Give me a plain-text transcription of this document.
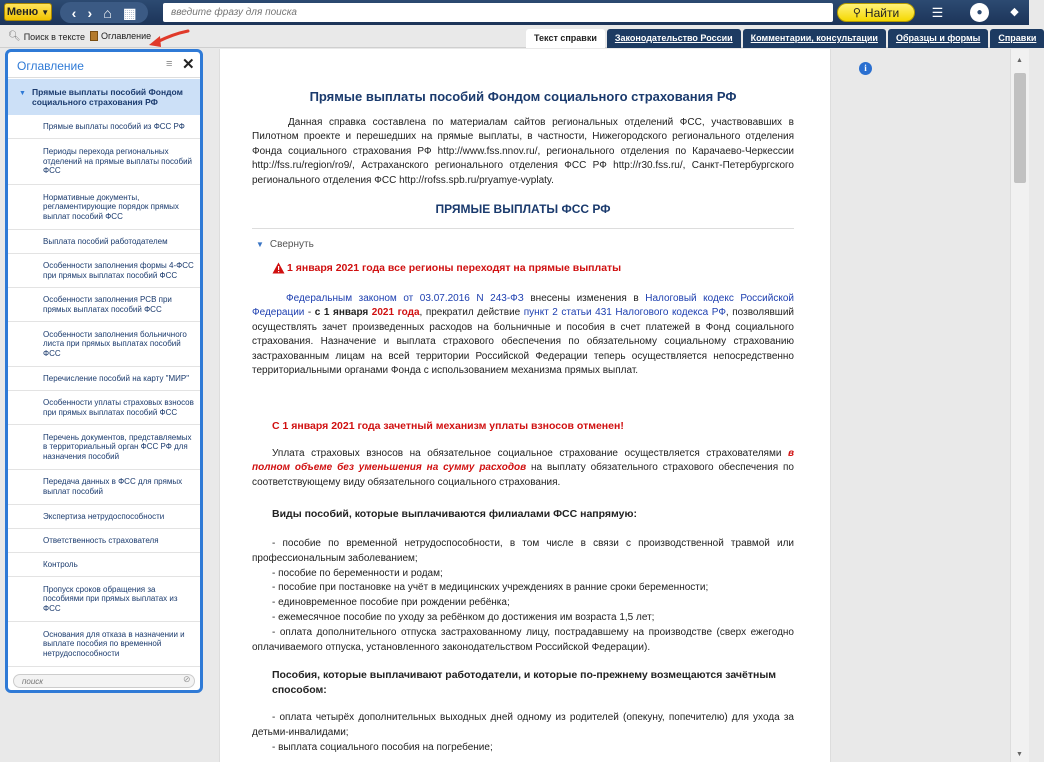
Меню ▼ ‹ › ⌂ ▦
введите фразу для поиска	⚲ Найти	☰	●	◆
🔍︎ Поиск в тексте Оглавление	Текст справки	Законодательство России	Комментарии, консультации	Образцы и формы	Справки
Прямые выплаты пособий Фондом социального страхования РФ
Данная справка составлена по материалам сайтов региональных отделений ФСС, участвовавших в Пилотном проекте и перешедших на прямые выплаты, в частности, Нижегородского регионального отделения Фонда социального страхования РФ http://www.fss.nnov.ru/, регионального отделения по Карачаево-Черкессии http://fss.ru/region/ro9/, Астраханского регионального отделения ФСС РФ http://r30.fss.ru/, Санкт-Петербургского регионального отделения ФСС http://rofss.spb.ru/pryamye-vyplaty.
ПРЯМЫЕ ВЫПЛАТЫ ФСС РФ
▼ Свернуть
1 января 2021 года все регионы переходят на прямые выплаты
Федеральным законом от 03.07.2016 N 243-ФЗ внесены изменения в Налоговый кодекс Российской Федерации - с 1 января 2021 года, прекратил действие пункт 2 статьи 431 Налогового кодекса РФ, позволявший осуществлять зачет произведенных расходов на больничные и пособия в счет платежей в Фонд социального страхования. Назначение и выплата страхового обеспечения по обязательному социальному страхованию застрахованным лицам на всей территории Российской Федерации теперь осуществляется непосредственно территориальными органами Фонда с использованием механизма прямых выплат.
С 1 января 2021 года зачетный механизм уплаты взносов отменен!
Уплата страховых взносов на обязательное социальное страхование осуществляется страхователями в полном объеме без уменьшения на сумму расходов на выплату обязательного страхового обеспечения по соответствующему виду обязательного социального страхования.
Виды пособий, которые выплачиваются филиалами ФСС напрямую:
- пособие по временной нетрудоспособности, в том числе в связи с производственной травмой или профессиональным заболеванием;
- пособие по беременности и родам;
- пособие при постановке на учёт в медицинских учреждениях в ранние сроки беременности;
- единовременное пособие при рождении ребёнка;
- ежемесячное пособие по уходу за ребёнком до достижения им возраста 1,5 лет;
- оплата дополнительного отпуска застрахованному лицу, пострадавшему на производстве (сверх ежегодно оплачиваемого отпуска, установленного законодательством Российской Федерации).
Пособия, которые выплачивают работодатели, и которые по-прежнему возмещаются зачётным способом:
- оплата четырёх дополнительных выходных дней одному из родителей (опекуну, попечителю) для ухода за детьми-инвалидами;
- выплата социального пособия на погребение;
i
▲
▼
Оглавление	≡ ✕
▼ Прямые выплаты пособий Фондом социального страхования РФ
Прямые выплаты пособий из ФСС РФ
Периоды перехода региональных отделений на прямые выплаты пособий ФСС
Нормативные документы, регламентирующие порядок прямых выплат пособий ФСС
Выплата пособий работодателем
Особенности заполнения формы 4-ФСС при прямых выплатах пособий ФСС
Особенности заполнения РСВ при прямых выплатах пособий ФСС
Особенности заполнения больничного листа при прямых выплатах пособий ФСС
Перечисление пособий на карту "МИР"
Особенности уплаты страховых взносов при прямых выплатах пособий ФСС
Перечень документов, представляемых в территориальный орган ФСС РФ для назначения пособий
Передача данных в ФСС для прямых выплат пособий
Экспертиза нетрудоспособности
Ответственность страхователя
Контроль
Пропуск сроков обращения за пособиями при прямых выплатах из ФСС
Основания для отказа в назначении и выплате пособия по временной нетрудоспособности
поиск
⊘
